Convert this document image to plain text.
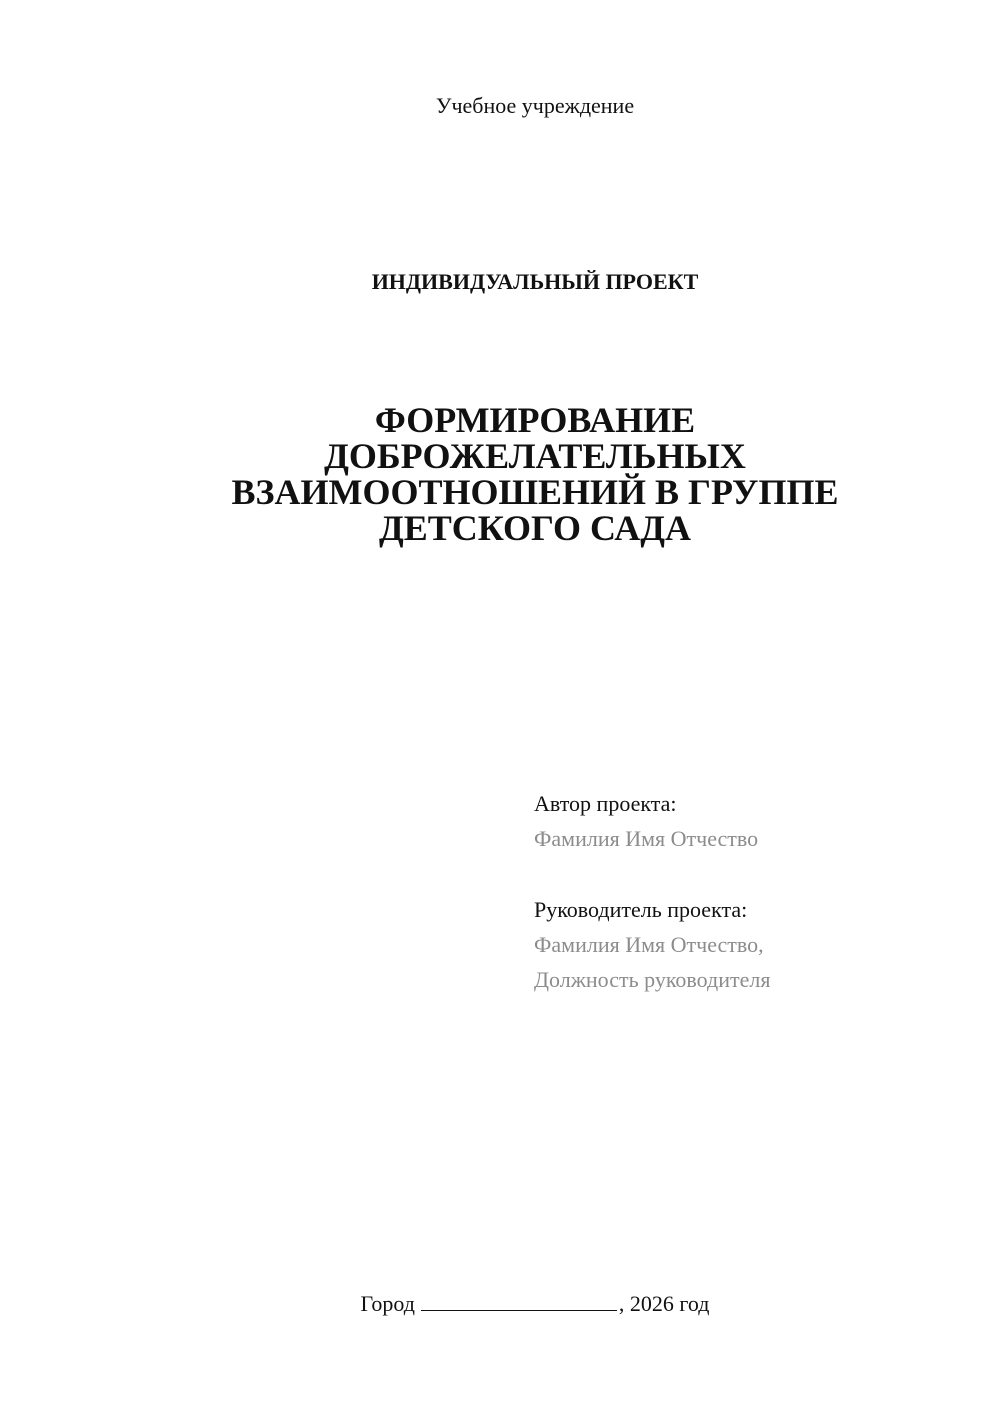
Учебное учреждение
ИНДИВИДУАЛЬНЫЙ ПРОЕКТ
ФОРМИРОВАНИЕ
ДОБРОЖЕЛАТЕЛЬНЫХ
ВЗАИМООТНОШЕНИЙ В ГРУППЕ
ДЕТСКОГО САДА
Автор проекта:
Фамилия Имя Отчество
Руководитель проекта:
Фамилия Имя Отчество,
Должность руководителя
Город	, 2026 год
